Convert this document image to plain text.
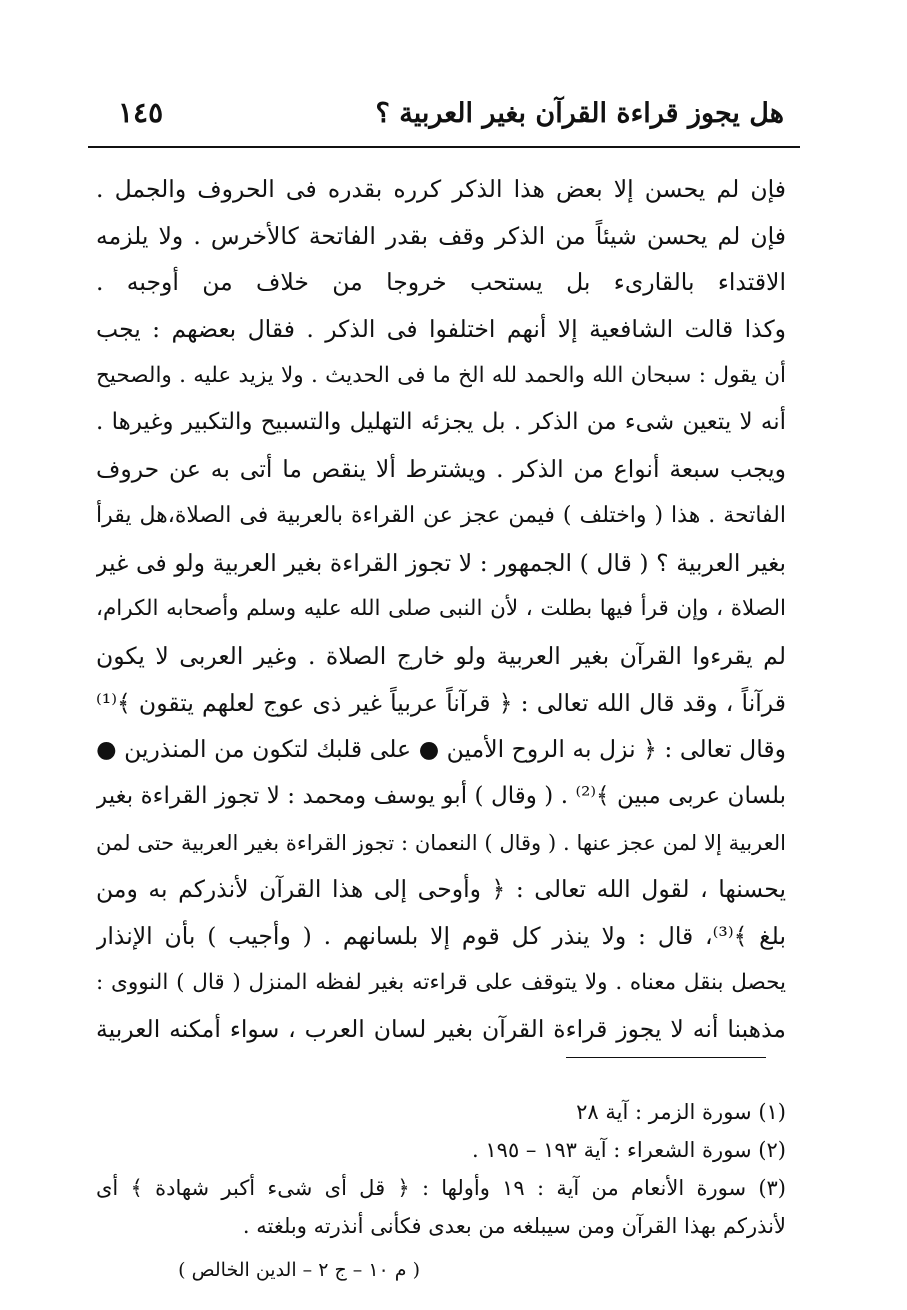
هل يجوز قراءة القرآن بغير العربية ؟
١٤٥
فإن لم يحسن إلا بعض هذا الذكر كرره بقدره فى الحروف والجمل .
فإن لم يحسن شيئاً من الذكر وقف بقدر الفاتحة كالأخرس . ولا يلزمه
الاقتداء بالقارىء بل يستحب خروجا من خلاف من أوجبه .
وكذا قالت الشافعية إلا أنهم اختلفوا فى الذكر . فقال بعضهم : يجب
أن يقول : سبحان الله والحمد لله الخ ما فى الحديث . ولا يزيد عليه . والصحيح
أنه لا يتعين شىء من الذكر . بل يجزئه التهليل والتسبيح والتكبير وغيرها .
ويجب سبعة أنواع من الذكر . ويشترط ألا ينقص ما أتى به عن حروف
الفاتحة . هذا ( واختلف ) فيمن عجز عن القراءة بالعربية فى الصلاة،هل يقرأ
بغير العربية ؟ ( قال ) الجمهور : لا تجوز القراءة بغير العربية ولو فى غير
الصلاة ، وإن قرأ فيها بطلت ، لأن النبى صلى الله عليه وسلم وأصحابه الكرام،
لم يقرءوا القرآن بغير العربية ولو خارج الصلاة . وغير العربى لا يكون
قرآناً ، وقد قال الله تعالى : ﴿ قرآناً عربياً غير ذى عوج لعلهم يتقون ﴾⁽¹⁾
وقال تعالى : ﴿ نزل به الروح الأمين ● على قلبك لتكون من المنذرين ●
بلسان عربى مبين ﴾⁽²⁾ . ( وقال ) أبو يوسف ومحمد : لا تجوز القراءة بغير
العربية إلا لمن عجز عنها . ( وقال ) النعمان : تجوز القراءة بغير العربية حتى لمن
يحسنها ، لقول الله تعالى : ﴿ وأوحى إلى هذا القرآن لأنذركم به ومن
بلغ ﴾⁽³⁾، قال : ولا ينذر كل قوم إلا بلسانهم . ( وأجيب ) بأن الإنذار
يحصل بنقل معناه . ولا يتوقف على قراءته بغير لفظه المنزل ( قال ) النووى :
مذهبنا أنه لا يجوز قراءة القرآن بغير لسان العرب ، سواء أمكنه العربية
(١) سورة الزمر : آية ٢٨
(٢) سورة الشعراء : آية ١٩٣ – ١٩٥ .
(٣) سورة الأنعام من آية : ١٩ وأولها : ﴿ قل أى شىء أكبر شهادة ﴾ أى
لأنذركم بهذا القرآن ومن سيبلغه من بعدى فكأنى أنذرته وبلغته .
( م ١٠ – ج ٢ – الدين الخالص )
